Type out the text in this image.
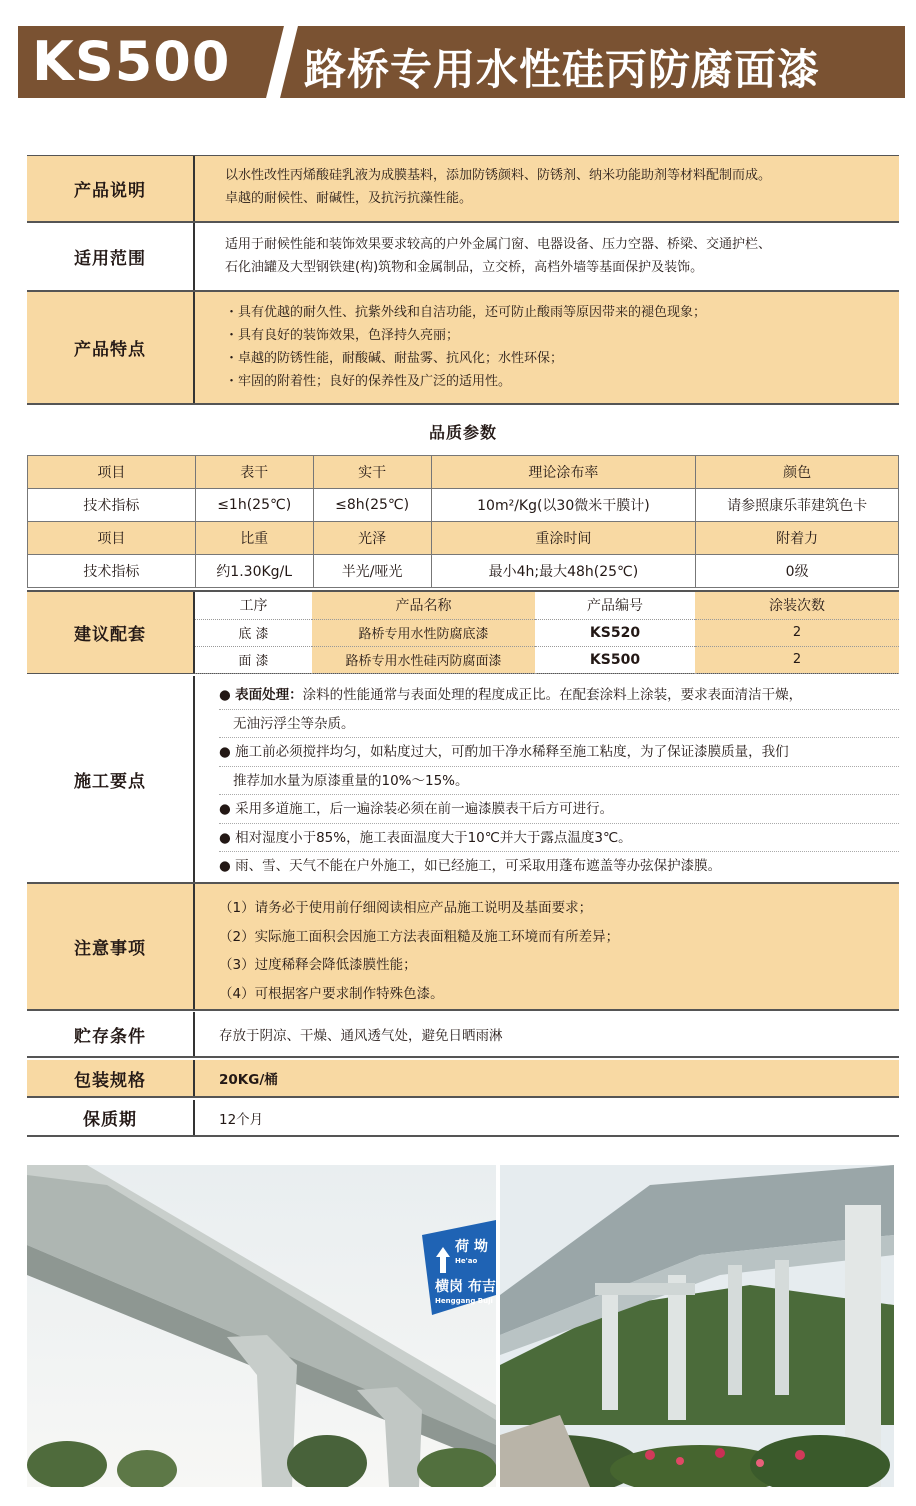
KS500 路桥专用水性硅丙防腐面漆
产品说明
以水性改性丙烯酸硅乳液为成膜基料，添加防锈颜料、防锈剂、纳米功能助剂等材料配制而成。
卓越的耐候性、耐碱性，及抗污抗藻性能。
适用范围
适用于耐候性能和装饰效果要求较高的户外金属门窗、电器设备、压力空器、桥梁、交通护栏、
石化油罐及大型钢铁建(构)筑物和金属制品，立交桥，高档外墙等基面保护及装饰。
产品特点
・具有优越的耐久性、抗紫外线和自洁功能，还可防止酸雨等原因带来的褪色现象；
・具有良好的装饰效果，色泽持久亮丽；
・卓越的防锈性能，耐酸碱、耐盐雾、抗风化；水性环保；
・牢固的附着性；良好的保养性及广泛的适用性。
品质参数
项目	表干	实干	理论涂布率	颜色
技术指标	≤1h(25℃)	≤8h(25℃)	10m²/Kg(以30微米干膜计)	请参照康乐菲建筑色卡
项目	比重	光泽	重涂时间	附着力
技术指标	约1.30Kg/L	半光/哑光	最小4h;最大48h(25℃)	0级
建议配套
工序	产品名称	产品编号	涂装次数
底 漆	路桥专用水性防腐底漆	KS520	2
面 漆	路桥专用水性硅丙防腐面漆	KS500	2
施工要点
● 表面处理：涂料的性能通常与表面处理的程度成正比。在配套涂料上涂装，要求表面清洁干燥，
无油污浮尘等杂质。
● 施工前必须搅拌均匀，如粘度过大，可酌加干净水稀释至施工粘度，为了保证漆膜质量，我们
推荐加水量为原漆重量的10%～15%。
● 采用多道施工，后一遍涂装必须在前一遍漆膜表干后方可进行。
● 相对湿度小于85%，施工表面温度大于10℃并大于露点温度3℃。
● 雨、雪、天气不能在户外施工，如已经施工，可采取用蓬布遮盖等办弦保护漆膜。
注意事项
（1）请务必于使用前仔细阅读相应产品施工说明及基面要求；
（2）实际施工面积会因施工方法表面粗糙及施工环境而有所差异；
（3）过度稀释会降低漆膜性能；
（4）可根据客户要求制作特殊色漆。
贮存条件	存放于阴凉、干燥、通风透气处，避免日晒雨淋
包装规格	20KG/桶
保质期	12个月
荷 坳
He'ao
横岗 布吉
Henggang Buji
